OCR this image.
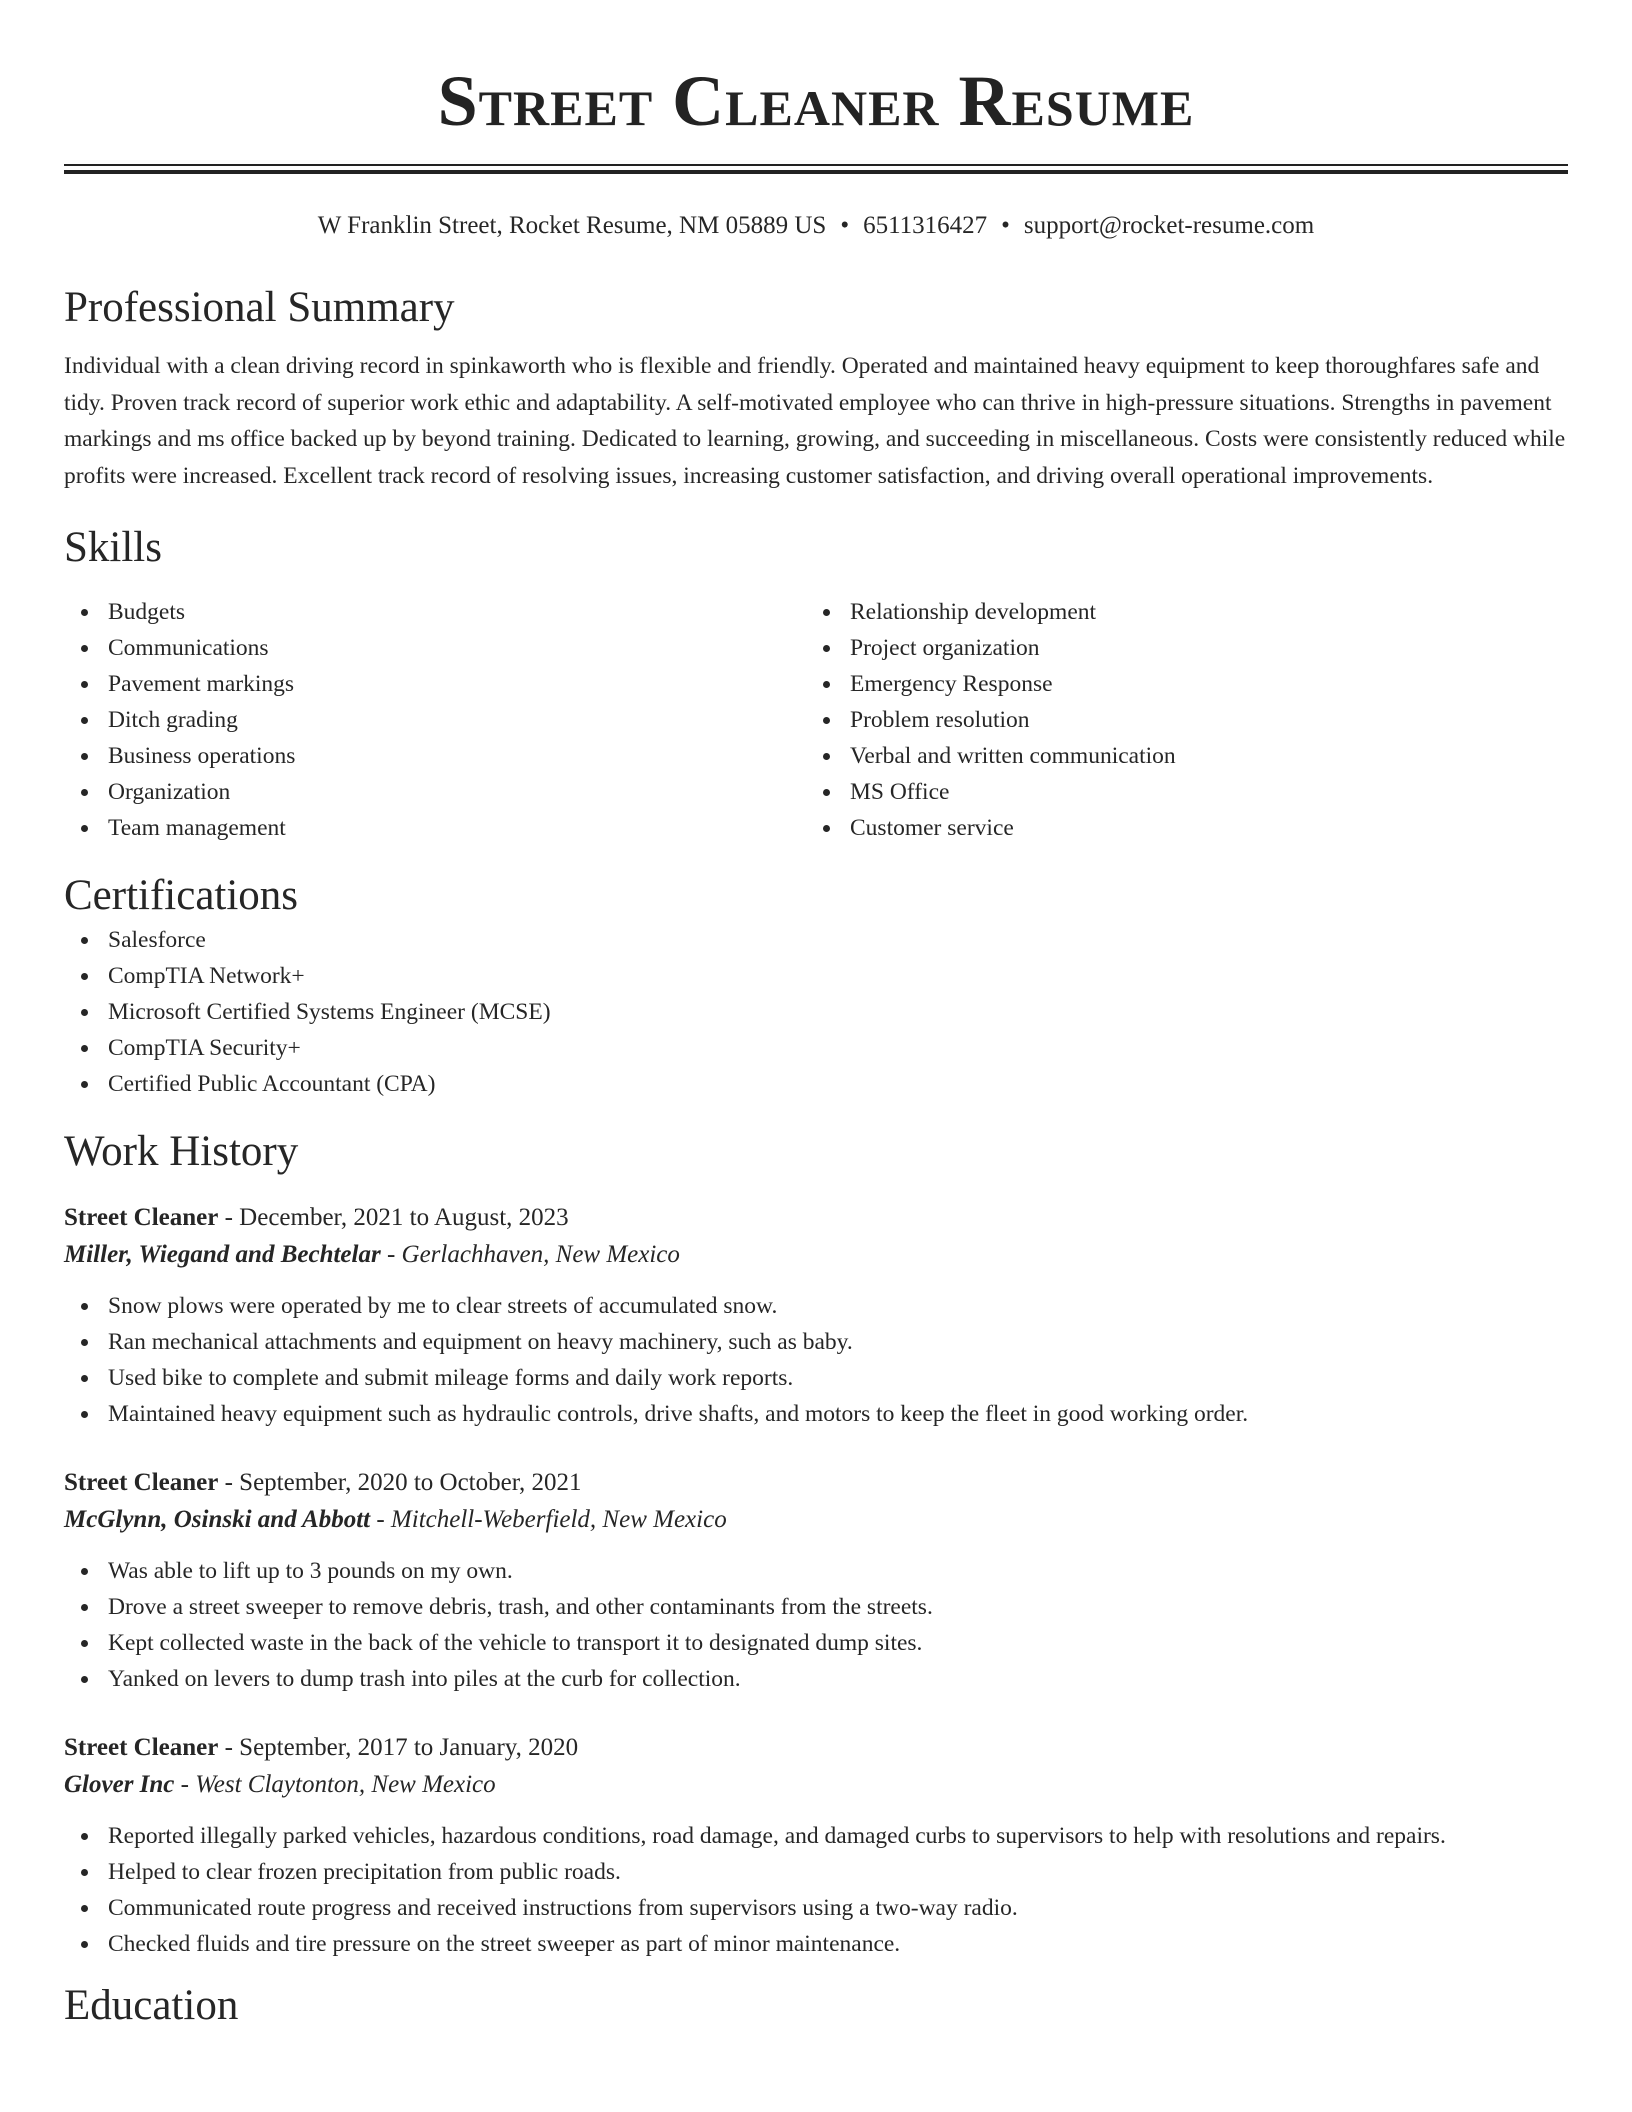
Street Cleaner Resume
W Franklin Street, Rocket Resume, NM 05889 US • 6511316427 • support@rocket-resume.com
Professional Summary

Individual with a clean driving record in spinkaworth who is flexible and friendly. Operated and maintained heavy equipment to keep thoroughfares safe and tidy. Proven track record of superior work ethic and adaptability. A self-motivated employee who can thrive in high-pressure situations. Strengths in pavement markings and ms office backed up by beyond training. Dedicated to learning, growing, and succeeding in miscellaneous. Costs were consistently reduced while profits were increased. Excellent track record of resolving issues, increasing customer satisfaction, and driving overall operational improvements.

Skills
Budgets
Communications
Pavement markings
Ditch grading
Business operations
Organization
Team management
Relationship development
Project organization
Emergency Response
Problem resolution
Verbal and written communication
MS Office
Customer service
Certifications
Salesforce
CompTIA Network+
Microsoft Certified Systems Engineer (MCSE)
CompTIA Security+
Certified Public Accountant (CPA)
Work History
Street Cleaner - December, 2021 to August, 2023
Miller, Wiegand and Bechtelar - Gerlachhaven, New Mexico
Snow plows were operated by me to clear streets of accumulated snow.
Ran mechanical attachments and equipment on heavy machinery, such as baby.
Used bike to complete and submit mileage forms and daily work reports.
Maintained heavy equipment such as hydraulic controls, drive shafts, and motors to keep the fleet in good working order.
Street Cleaner - September, 2020 to October, 2021
McGlynn, Osinski and Abbott - Mitchell-Weberfield, New Mexico
Was able to lift up to 3 pounds on my own.
Drove a street sweeper to remove debris, trash, and other contaminants from the streets.
Kept collected waste in the back of the vehicle to transport it to designated dump sites.
Yanked on levers to dump trash into piles at the curb for collection.
Street Cleaner - September, 2017 to January, 2020
Glover Inc - West Claytonton, New Mexico
Reported illegally parked vehicles, hazardous conditions, road damage, and damaged curbs to supervisors to help with resolutions and repairs.
Helped to clear frozen precipitation from public roads.
Communicated route progress and received instructions from supervisors using a two-way radio.
Checked fluids and tire pressure on the street sweeper as part of minor maintenance.
Education
